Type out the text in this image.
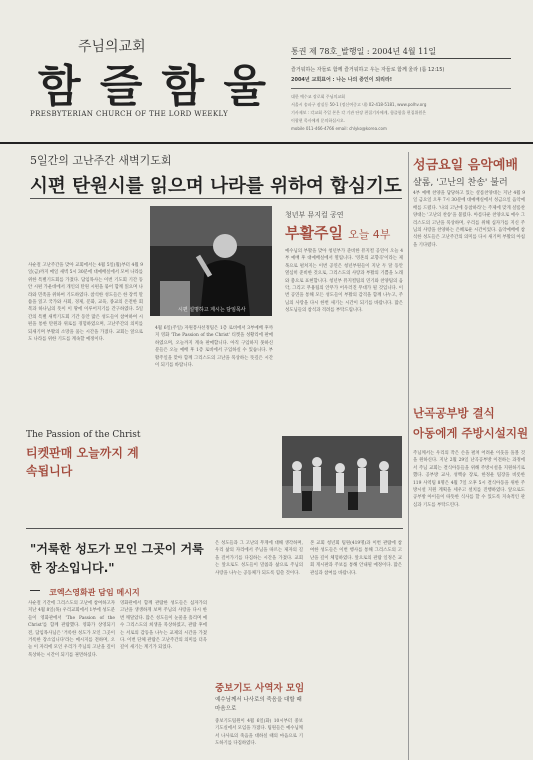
주님의교회
함 즐 함 울
PRESBYTERIAN CHURCH OF THE LORD WEEKLY
통권 제 78호_발행일 : 2004년 4월 11일
즐거워하는 자들로 함께 즐거워하고 우는 자들로 함께 울라 (롬 12:15)
2004년 교회표어 : 나는 나의 증인이 되리라!
대한 예수교 장로회 주님의교회
서울시 송파구 잠실동 50-1 (정신여중고 내) 02-418-5181, www.polhv.org
기사제보 : 각교회 주일 본은 각 기관 단장 편집기자에게, 함즐함울 편집위원은
이광현 목사에게 문의하십시오.
mobile 011-466-4766 email: chlyko@korea.com
5일간의 고난주간 새벽기도회
시편 탄원시를 읽으며 나라를 위하여 합심기도
사순절 고난주간을 맞아 교회에서는 4월 5일(월)부터 4월 9일(금)까지 매일 새벽 5시 30분에 대예배실에서 모여 나라를 위한 특별기도회를 가졌다. 담임목사는 이번 기도회 기간 동안 시편 가운데에서 개인의 탄원 시편을 묶어 함께 읽으며 나라와 민족을 위하여 기도하였다. 참석한 성도들은 한 장씩 말씀을 읽고 국가와 사회, 경제, 문화, 교육, 종교의 온전한 회복과 하나님의 뜻이 이 땅에 이루어지기를 간구하였다. 5일간의 특별 새벽기도회 기간 동안 많은 성도들이 참여하여 시편을 통한 탄원과 위로를 경험하였으며, 고난주간의 의미를 되새기며 부활의 소망을 품는 시간을 가졌다. 교회는 앞으로도 나라를 위한 기도를 계속할 예정이다.
The Passion of the Christ
티켓판매 오늘까지 계속됩니다
시편 설명하고 계시는 담임목사
4월 6일(주일) 자원봉사선정팀은 1층 로비에서 3부예배 후까지 영화 'The Passion of the Christ' 티켓을 성황리에 판매하였으며, 오늘까지 계속 판매합니다. 아직 구입하지 못하신 분들은 오늘 예배 후 1층 로비에서 구입하실 수 있습니다. 부활주일을 맞아 함께 그리스도의 고난을 묵상하는 뜻깊은 시간이 되기를 바랍니다.
청년부 뮤지컬 공연
부활주일 오늘 4부
예수님의 부활을 맞아 청년부가 준비한 뮤지컬 공연이 오늘 4부 예배 후 대예배실에서 열립니다. '영혼의 교향곡'이라는 제목으로 펼쳐지는 이번 공연은 청년부원들이 지난 두 달 동안 열심히 준비한 것으로, 그리스도의 사랑과 부활의 기쁨을 노래와 춤으로 표현합니다. 청년부 뮤지컬팀의 연기와 찬양팀의 음악, 그리고 무용팀의 안무가 어우러진 무대가 될 것입니다. 이번 공연을 통해 모든 성도들이 부활의 감격을 함께 나누고, 주님의 사랑을 다시 한번 새기는 시간이 되기를 바랍니다. 많은 성도님들의 참석과 격려를 부탁드립니다.
성금요일 음악예배
샬롬, '고난의 찬송' 불러
4부 예배 찬양을 담당하고 있는 샬롬찬양대는 지난 4월 9일 금요일 오후 7시 30분에 대예배실에서 성금요일 음악예배를 드렸다. '나의 고난에 동참하라'는 주제에 맞게 샬롬찬양대는 '고난의 찬송'을 불렀다. 아름다운 찬양으로 예수 그리스도의 고난을 묵상하며, 우리를 위해 십자가를 지신 주님의 사랑을 찬양하는 은혜로운 시간이었다. 음악예배에 참석한 성도들은 고난주간의 의미를 다시 새기며 부활의 아침을 기다렸다.
난곡공부방 결식
아동에게 주방시설지원
주님께서는 우리의 작은 손을 펼쳐 어려운 이웃을 돌볼 것을 원하신다. 지난 2월 29일 난곡공부방 이전하는 과정에서 주님 교회는 결식아동들을 위해 주방시설을 지원하기로 했다. 공부방 교사, 성백숭 장로, 한정운 팀장을 비롯한 119 사역팀 8명은 4월 7일 오후 5시 결식아동을 위한 주방시설 지원 계획을 세우고 설치를 진행하였다. 앞으로도 공부방 아이들이 따뜻한 식사를 할 수 있도록 지속적인 관심과 기도를 부탁드린다.
"거룩한 성도가 모인 그곳이 거룩한 장소입니다."
코엑스영화관 담임 메시지
사순절 기간에 그리스도의 고난에 참여하고자 지난 4월 8일(목) 우리교회에서 1부에 성도분들이 영화관에서 'The Passion of the Christ'를 함께 관람했다. 영화가 상영되기 전, 담임목사님은 '거룩한 성도가 모인 그곳이 거룩한 장소입니다'라는 메시지를 전하며, 오늘 이 자리에 모인 우리가 주님의 고난을 깊이 묵상하는 시간이 되기를 권면하셨다.
영화관에서 함께 관람한 성도들은 십자가의 고난을 생생하게 보며 주님의 사랑을 다시 한번 깨달았다. 많은 성도들이 눈물을 흘리며 예수 그리스도의 희생을 묵상하였고, 관람 후에는 서로의 감동을 나누는 교제의 시간을 가졌다. 이번 단체 관람은 고난주간의 의미를 더욱 깊이 새기는 계기가 되었다.
은 성도들과 그 고난의 무게에 대해 생각하며, 우리 삶의 자리에서 주님을 따르는 제자의 길을 걸어가기를 다짐하는 시간을 가졌다. 교회는 앞으로도 성도들이 말씀과 삶으로 주님의 사랑을 나누는 공동체가 되도록 힘쓸 것이다.
본 교회 청년회 팀원(419명)과 이번 관람에 참여한 성도들은 이번 행사를 통해 그리스도의 고난을 깊이 체험하였다. 앞으로의 관람 일정은 교회 게시판과 주보를 통해 안내될 예정이다. 많은 관심과 참여를 바랍니다.
중보기도 사역자 모임
예수님께서 나사로의 죽음을 대할 때 마음으로
중보기도팀원이 4월 6일(화) 10시부터 중보기도실에서 모임을 가졌다. 팀원들은 예수님께서 나사로의 죽음을 대하실 때의 마음으로 기도하기를 다짐하였다.
